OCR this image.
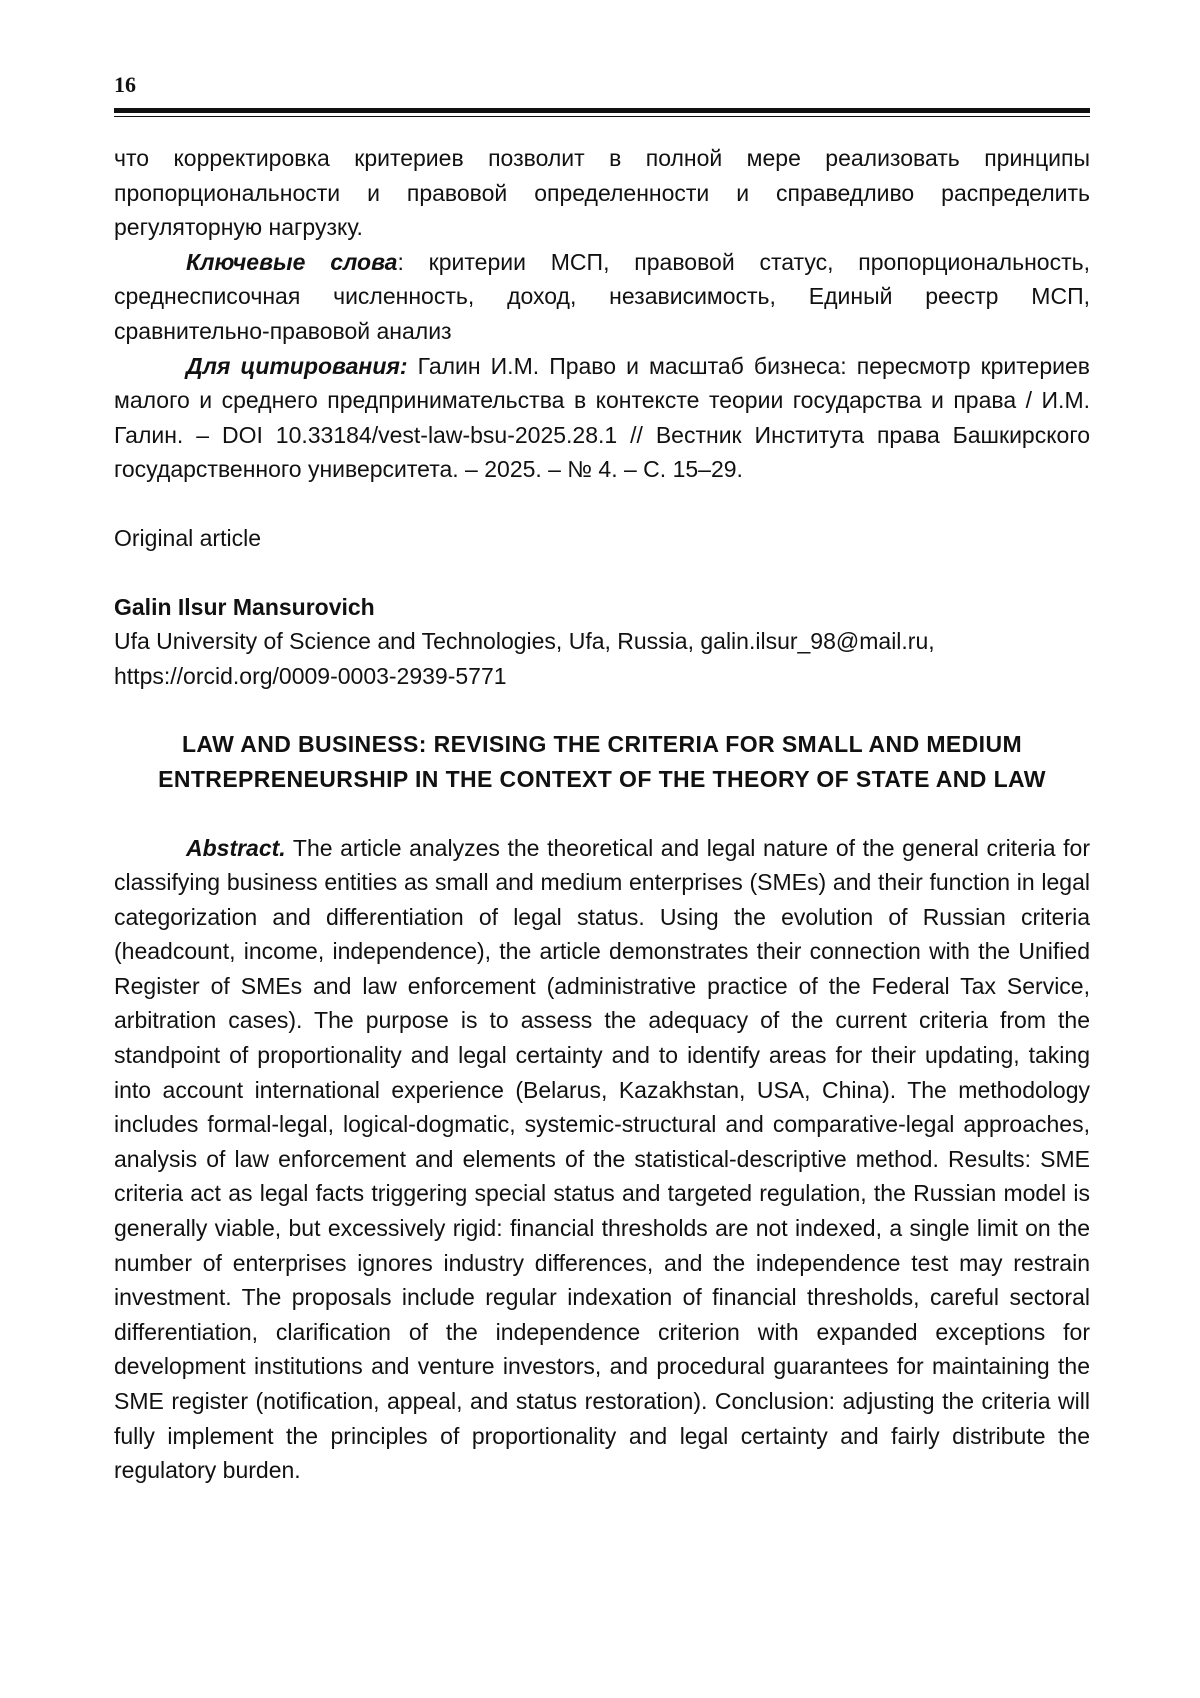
16

что корректировка критериев позволит в полной мере реализовать принципы пропорциональности и правовой определенности и справедливо распределить регуляторную нагрузку.

Ключевые слова: критерии МСП, правовой статус, пропорциональность, среднесписочная численность, доход, независимость, Единый реестр МСП, сравнительно-правовой анализ

Для цитирования: Галин И.М. Право и масштаб бизнеса: пересмотр критериев малого и среднего предпринимательства в контексте теории государства и права / И.М. Галин. – DOI 10.33184/vest-law-bsu-2025.28.1 // Вестник Института права Башкирского государственного университета. – 2025. – № 4. – С. 15–29.

Original article

Galin Ilsur Mansurovich

Ufa University of Science and Technologies, Ufa, Russia, galin.ilsur_98@mail.ru, https://orcid.org/0009-0003-2939-5771

LAW AND BUSINESS: REVISING THE CRITERIA FOR SMALL AND MEDIUM ENTREPRENEURSHIP IN THE CONTEXT OF THE THEORY OF STATE AND LAW

Abstract. The article analyzes the theoretical and legal nature of the general criteria for classifying business entities as small and medium enterprises (SMEs) and their function in legal categorization and differentiation of legal status. Using the evolution of Russian criteria (headcount, income, independence), the article demonstrates their connection with the Unified Register of SMEs and law enforcement (administrative practice of the Federal Tax Service, arbitration cases). The purpose is to assess the adequacy of the current criteria from the standpoint of proportionality and legal certainty and to identify areas for their updating, taking into account international experience (Belarus, Kazakhstan, USA, China). The methodology includes formal-legal, logical-dogmatic, systemic-structural and comparative-legal approaches, analysis of law enforcement and elements of the statistical-descriptive method. Results: SME criteria act as legal facts triggering special status and targeted regulation, the Russian model is generally viable, but excessively rigid: financial thresholds are not indexed, a single limit on the number of enterprises ignores industry differences, and the independence test may restrain investment. The proposals include regular indexation of financial thresholds, careful sectoral differentiation, clarification of the independence criterion with expanded exceptions for development institutions and venture investors, and procedural guarantees for maintaining the SME register (notification, appeal, and status restoration). Conclusion: adjusting the criteria will fully implement the principles of proportionality and legal certainty and fairly distribute the regulatory burden.
